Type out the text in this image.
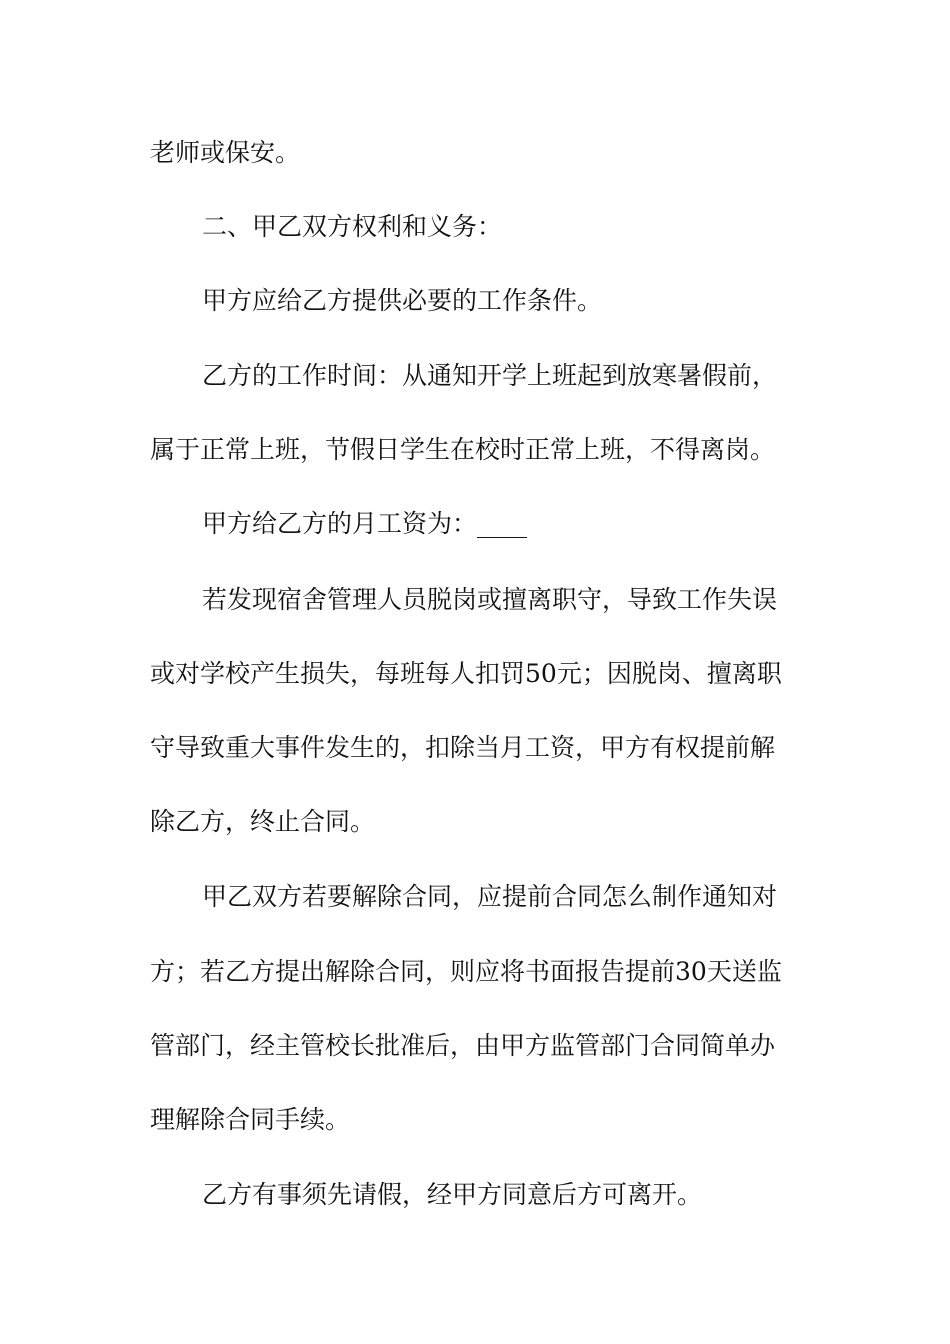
老师或保安。

二、甲乙双方权利和义务：

甲方应给乙方提供必要的工作条件。

乙方的工作时间：从通知开学上班起到放寒暑假前，

属于正常上班，节假日学生在校时正常上班，不得离岗。

甲方给乙方的月工资为：____

若发现宿舍管理人员脱岗或擅离职守，导致工作失误

或对学校产生损失，每班每人扣罚50元；因脱岗、擅离职

守导致重大事件发生的，扣除当月工资，甲方有权提前解

除乙方，终止合同。

甲乙双方若要解除合同，应提前合同怎么制作通知对

方；若乙方提出解除合同，则应将书面报告提前30天送监

管部门，经主管校长批准后，由甲方监管部门合同简单办

理解除合同手续。

乙方有事须先请假，经甲方同意后方可离开。
